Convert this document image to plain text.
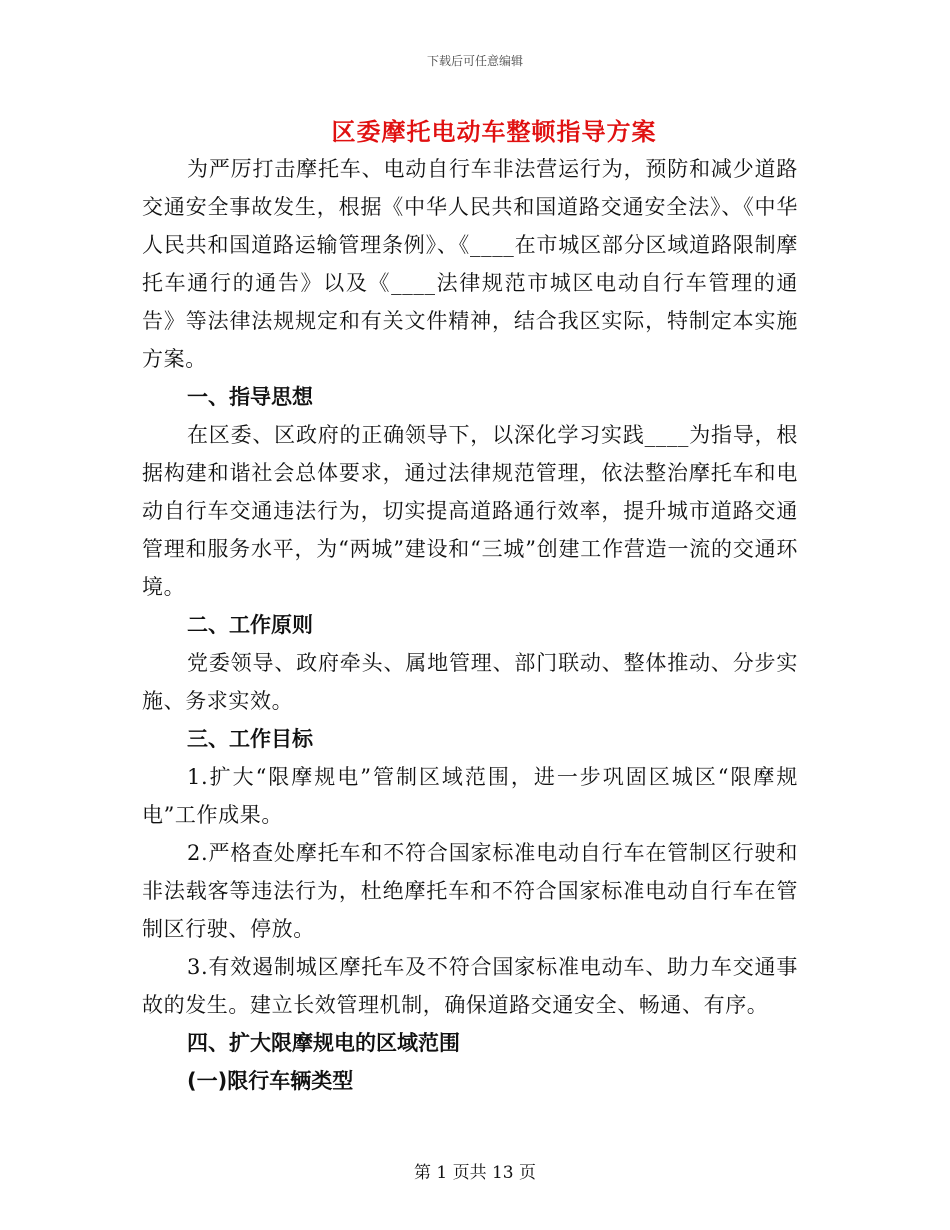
下载后可任意编辑
区委摩托电动车整顿指导方案

为严厉打击摩托车、电动自行车非法营运行为，预防和减少道路交通安全事故发生，根据《中华人民共和国道路交通安全法》、《中华人民共和国道路运输管理条例》、《____在市城区部分区域道路限制摩托车通行的通告》以及《____法律规范市城区电动自行车管理的通告》等法律法规规定和有关文件精神，结合我区实际，特制定本实施方案。

一、指导思想

在区委、区政府的正确领导下，以深化学习实践____为指导，根据构建和谐社会总体要求，通过法律规范管理，依法整治摩托车和电动自行车交通违法行为，切实提高道路通行效率，提升城市道路交通管理和服务水平，为“两城”建设和“三城”创建工作营造一流的交通环境。

二、工作原则

党委领导、政府牵头、属地管理、部门联动、整体推动、分步实施、务求实效。

三、工作目标

1.扩大“限摩规电”管制区域范围，进一步巩固区城区“限摩规电”工作成果。

2.严格查处摩托车和不符合国家标准电动自行车在管制区行驶和非法载客等违法行为，杜绝摩托车和不符合国家标准电动自行车在管制区行驶、停放。

3.有效遏制城区摩托车及不符合国家标准电动车、助力车交通事故的发生。建立长效管理机制，确保道路交通安全、畅通、有序。

四、扩大限摩规电的区域范围

(一)限行车辆类型

第 1 页共 13 页
